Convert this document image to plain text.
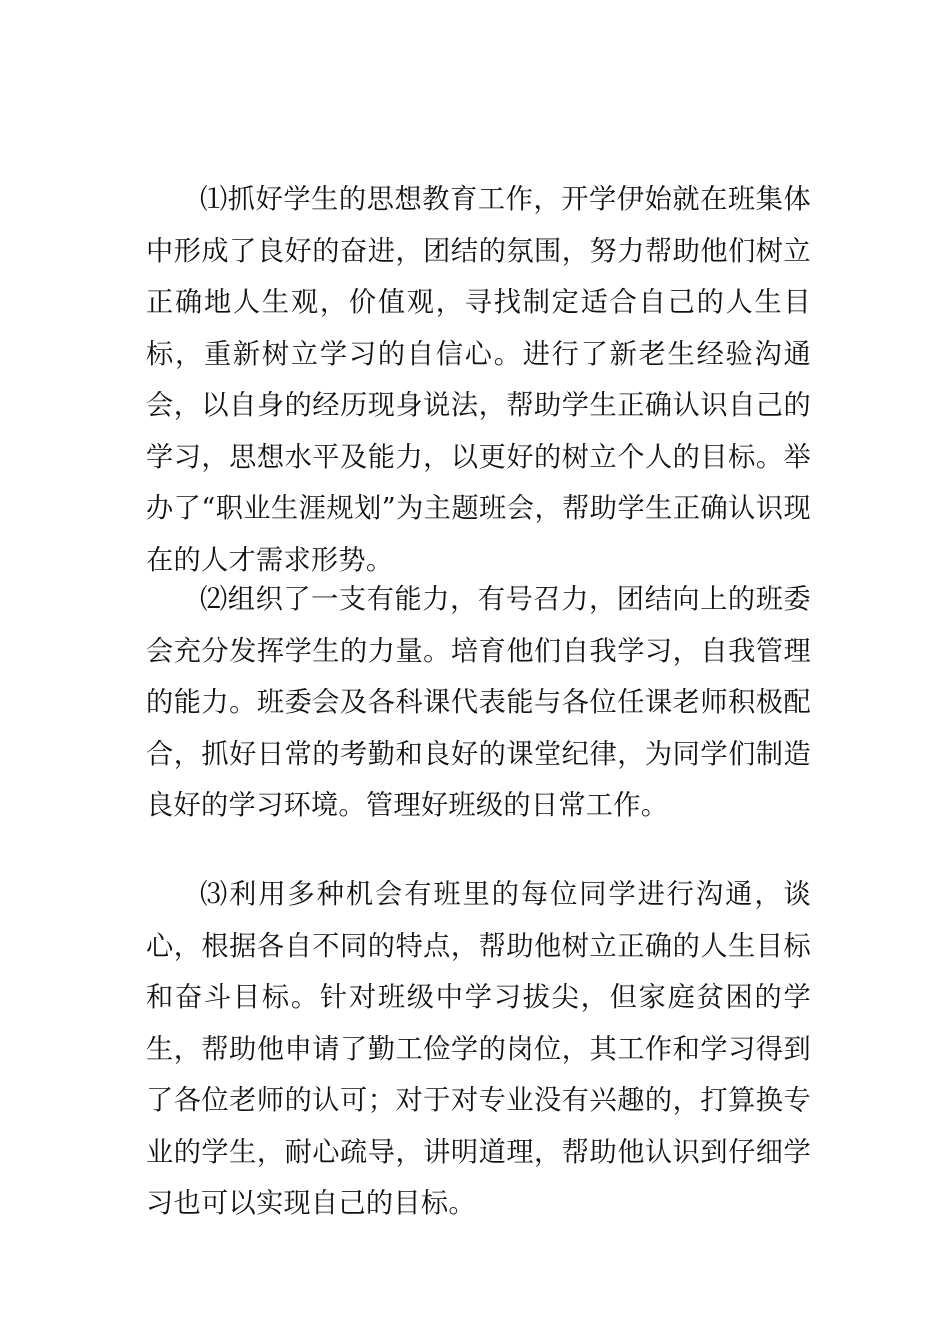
⑴抓好学生的思想教育工作，开学伊始就在班集体中形成了良好的奋进，团结的氛围，努力帮助他们树立正确地人生观，价值观，寻找制定适合自己的人生目标，重新树立学习的自信心。进行了新老生经验沟通会，以自身的经历现身说法，帮助学生正确认识自己的学习，思想水平及能力，以更好的树立个人的目标。举办了“职业生涯规划”为主题班会，帮助学生正确认识现在的人才需求形势。

⑵组织了一支有能力，有号召力，团结向上的班委会充分发挥学生的力量。培育他们自我学习，自我管理的能力。班委会及各科课代表能与各位任课老师积极配合，抓好日常的考勤和良好的课堂纪律，为同学们制造良好的学习环境。管理好班级的日常工作。

⑶利用多种机会有班里的每位同学进行沟通，谈心，根据各自不同的特点，帮助他树立正确的人生目标和奋斗目标。针对班级中学习拔尖，但家庭贫困的学生，帮助他申请了勤工俭学的岗位，其工作和学习得到了各位老师的认可；对于对专业没有兴趣的，打算换专业的学生，耐心疏导，讲明道理，帮助他认识到仔细学习也可以实现自己的目标。
